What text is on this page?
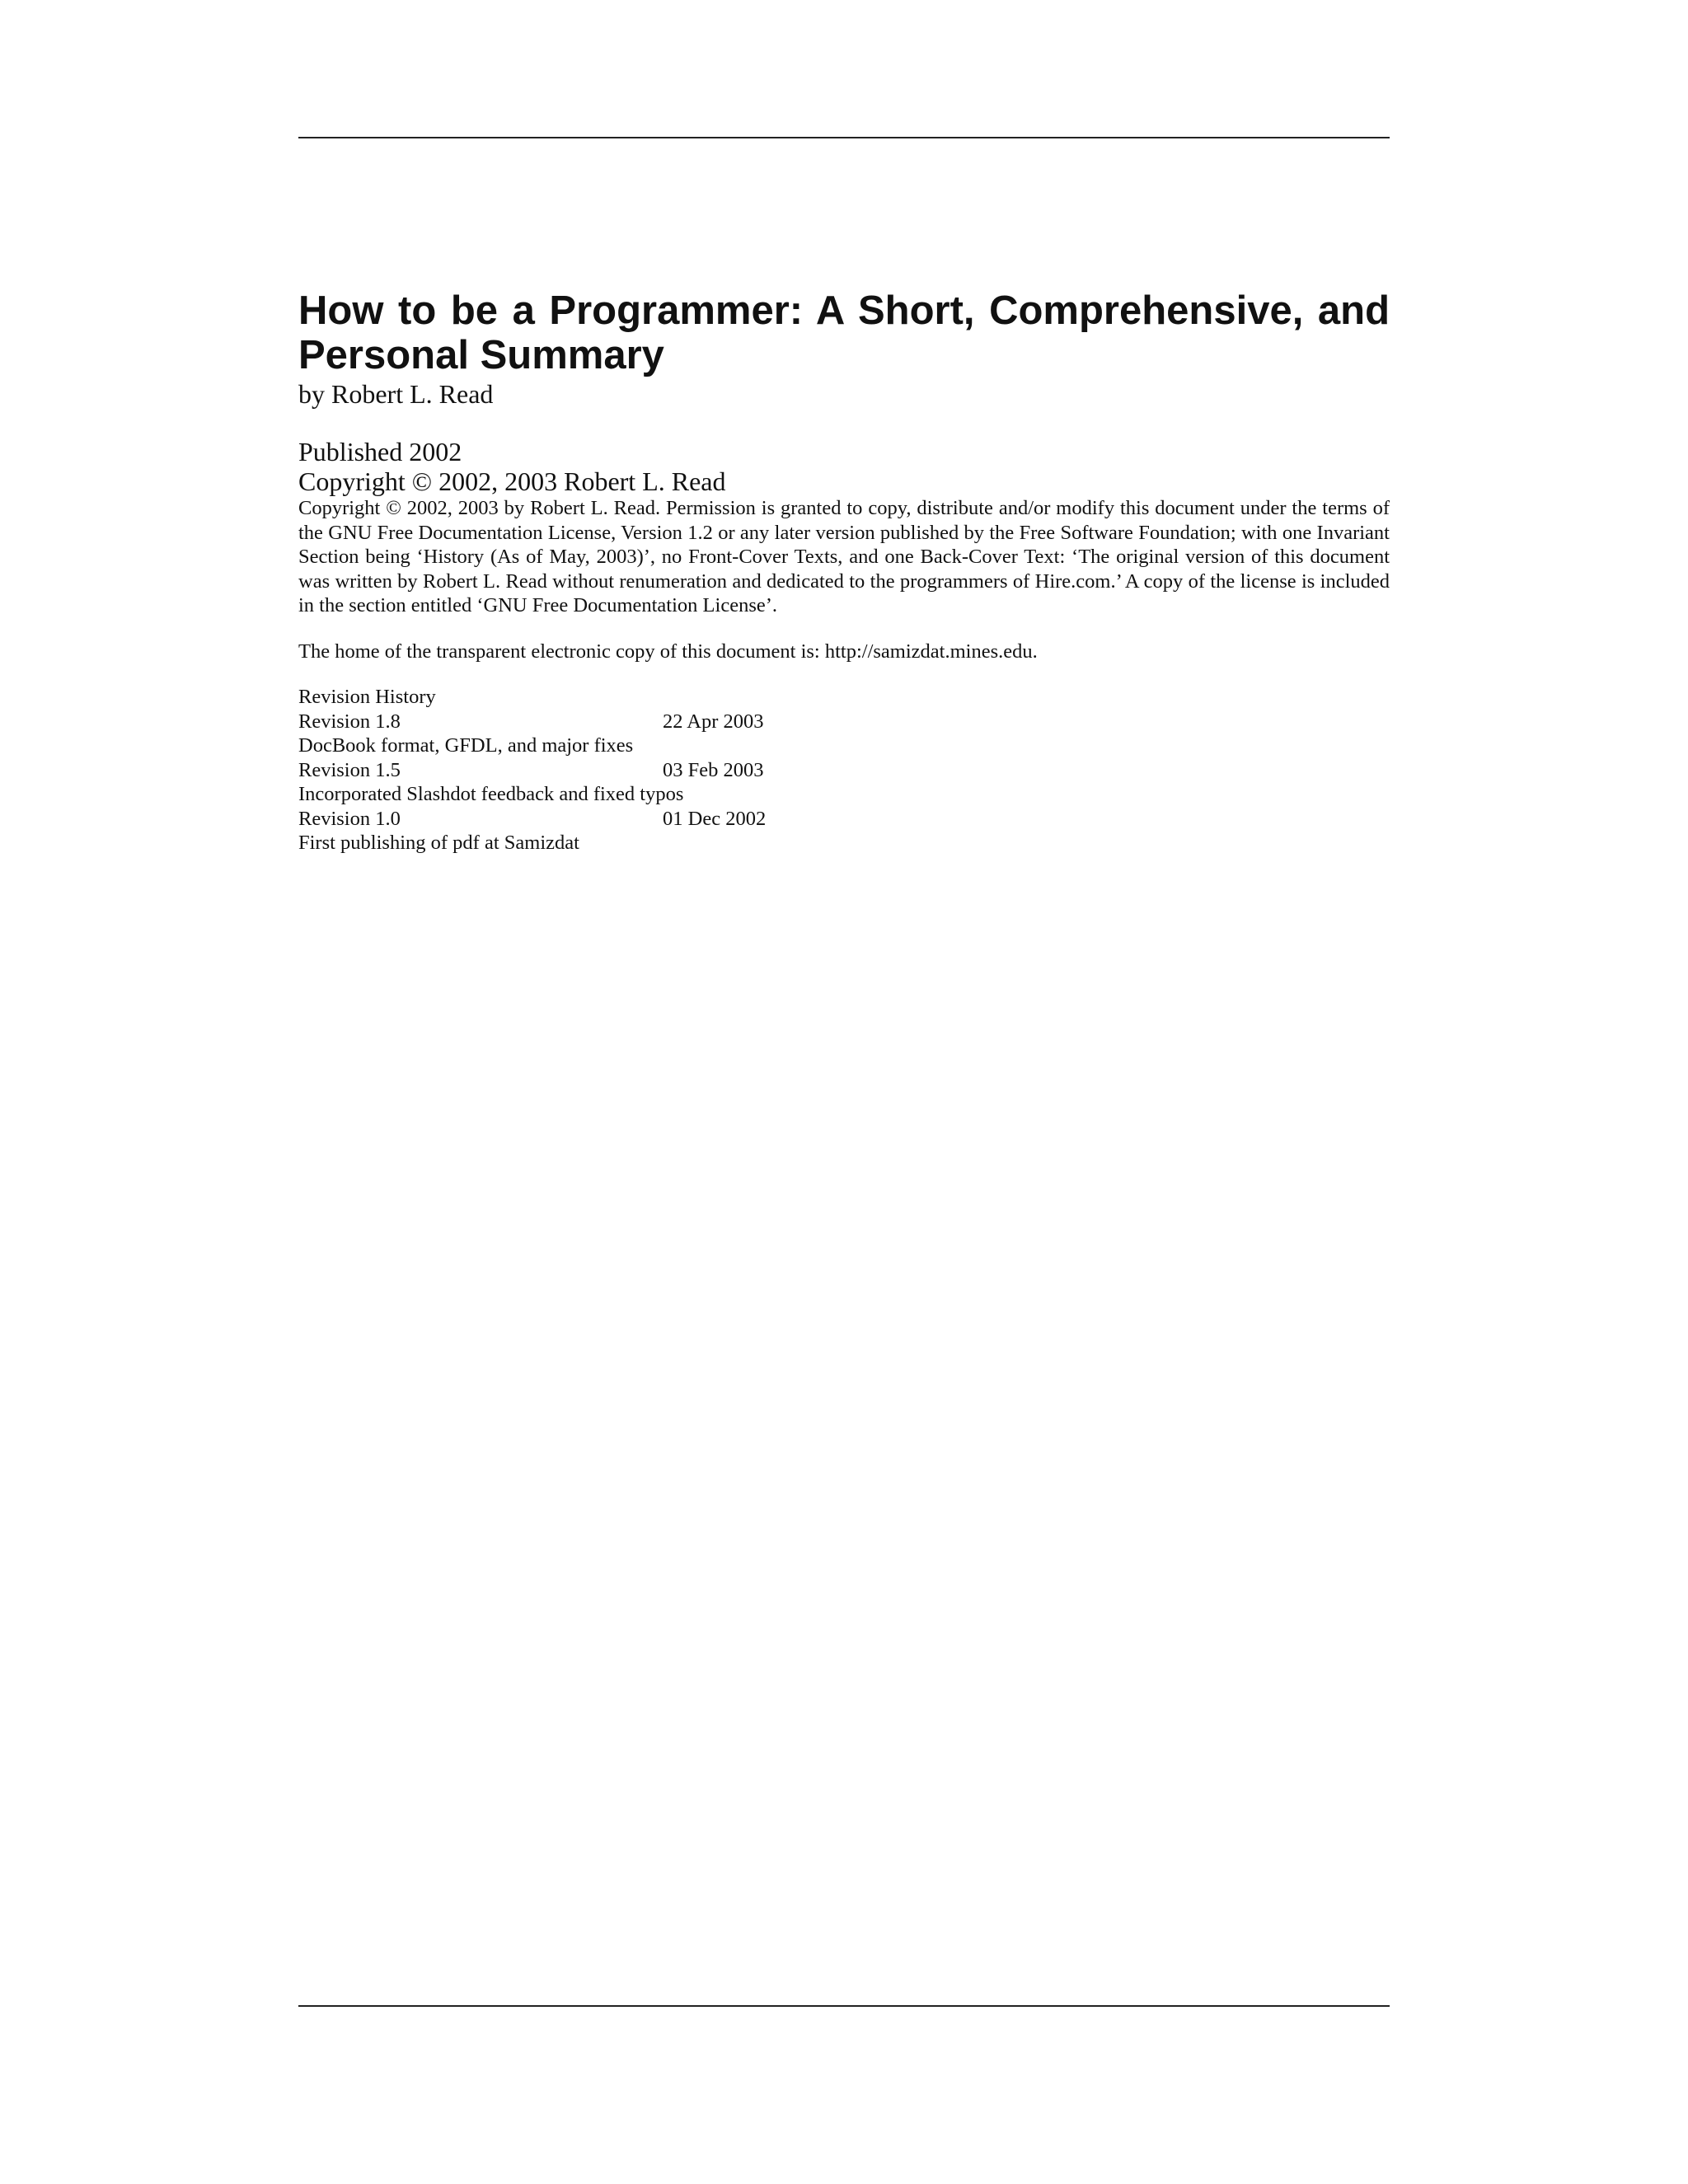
How to be a Programmer: A Short, Comprehensive, and Personal Summary

by Robert L. Read

Published 2002

Copyright © 2002, 2003 Robert L. Read

Copyright © 2002, 2003 by Robert L. Read. Permission is granted to copy, distribute and/or modify this document under the terms of the GNU Free Documentation License, Version 1.2 or any later version published by the Free Software Foundation; with one Invariant Section being ‘History (As of May, 2003)’, no Front-Cover Texts, and one Back-Cover Text: ‘The original version of this document was written by Robert L. Read without renumeration and dedicated to the programmers of Hire.com.’ A copy of the license is included in the section entitled ‘GNU Free Documentation License’.

The home of the transparent electronic copy of this document is: http://samizdat.mines.edu.

Revision History
Revision 1.8	22 Apr 2003
DocBook format, GFDL, and major fixes
Revision 1.5	03 Feb 2003
Incorporated Slashdot feedback and fixed typos
Revision 1.0	01 Dec 2002
First publishing of pdf at Samizdat
